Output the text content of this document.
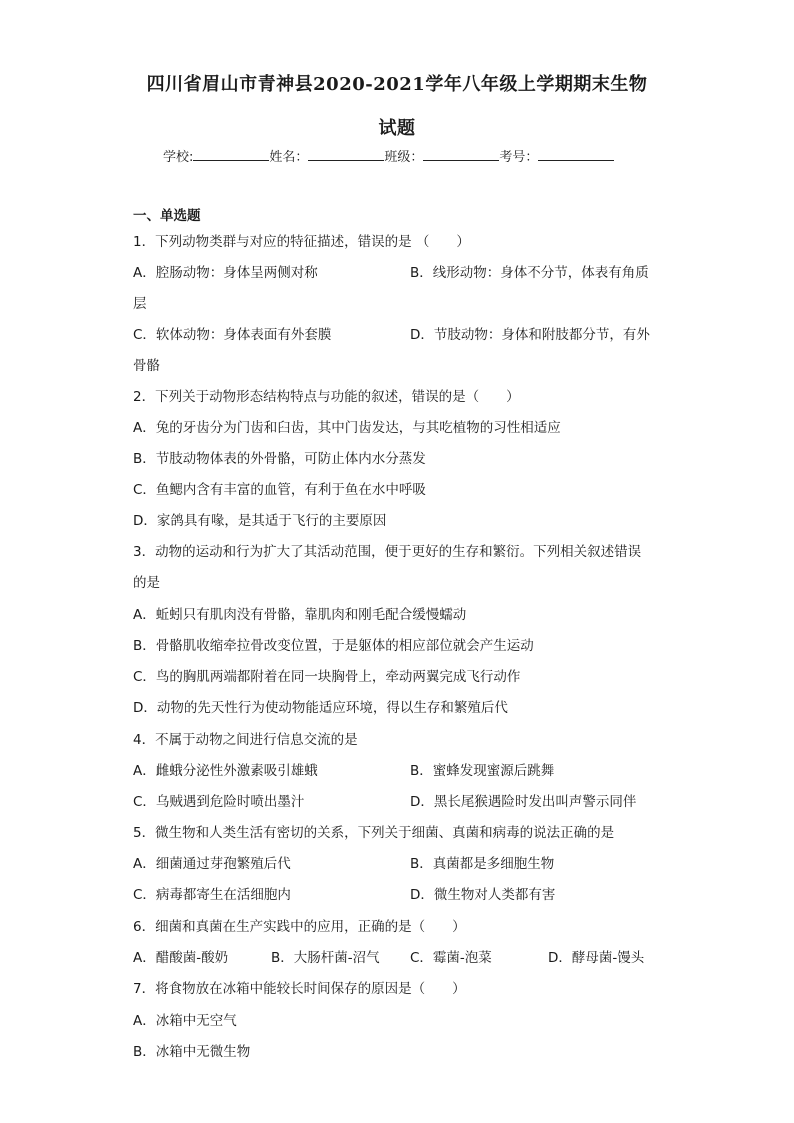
四川省眉山市青神县2020-2021学年八年级上学期期末生物
试题
学校:	姓名：	班级：	考号：
一、单选题
1．下列动物类群与对应的特征描述，错误的是 （　　）
A．腔肠动物：身体呈两侧对称	B．线形动物：身体不分节，体表有角质
层
C．软体动物：身体表面有外套膜	D．节肢动物：身体和附肢都分节，有外
骨骼
2．下列关于动物形态结构特点与功能的叙述，错误的是（　　）
A．兔的牙齿分为门齿和臼齿，其中门齿发达，与其吃植物的习性相适应
B．节肢动物体表的外骨骼，可防止体内水分蒸发
C．鱼鳃内含有丰富的血管，有利于鱼在水中呼吸
D．家鸽具有喙，是其适于飞行的主要原因
3．动物的运动和行为扩大了其活动范围，便于更好的生存和繁衍。下列相关叙述错误
的是
A．蚯蚓只有肌肉没有骨骼，靠肌肉和刚毛配合缓慢蠕动
B．骨骼肌收缩牵拉骨改变位置，于是躯体的相应部位就会产生运动
C．鸟的胸肌两端都附着在同一块胸骨上，牵动两翼完成飞行动作
D．动物的先天性行为使动物能适应环境，得以生存和繁殖后代
4．不属于动物之间进行信息交流的是
A．雌蛾分泌性外激素吸引雄蛾	B．蜜蜂发现蜜源后跳舞
C．乌贼遇到危险时喷出墨汁	D．黑长尾猴遇险时发出叫声警示同伴
5．微生物和人类生活有密切的关系，下列关于细菌、真菌和病毒的说法正确的是
A．细菌通过芽孢繁殖后代	B．真菌都是多细胞生物
C．病毒都寄生在活细胞内	D．微生物对人类都有害
6．细菌和真菌在生产实践中的应用，正确的是（　　）
A．醋酸菌-酸奶	B．大肠杆菌-沼气 C．霉菌-泡菜	D．酵母菌-馒头
7．将食物放在冰箱中能较长时间保存的原因是（　　）
A．冰箱中无空气
B．冰箱中无微生物
